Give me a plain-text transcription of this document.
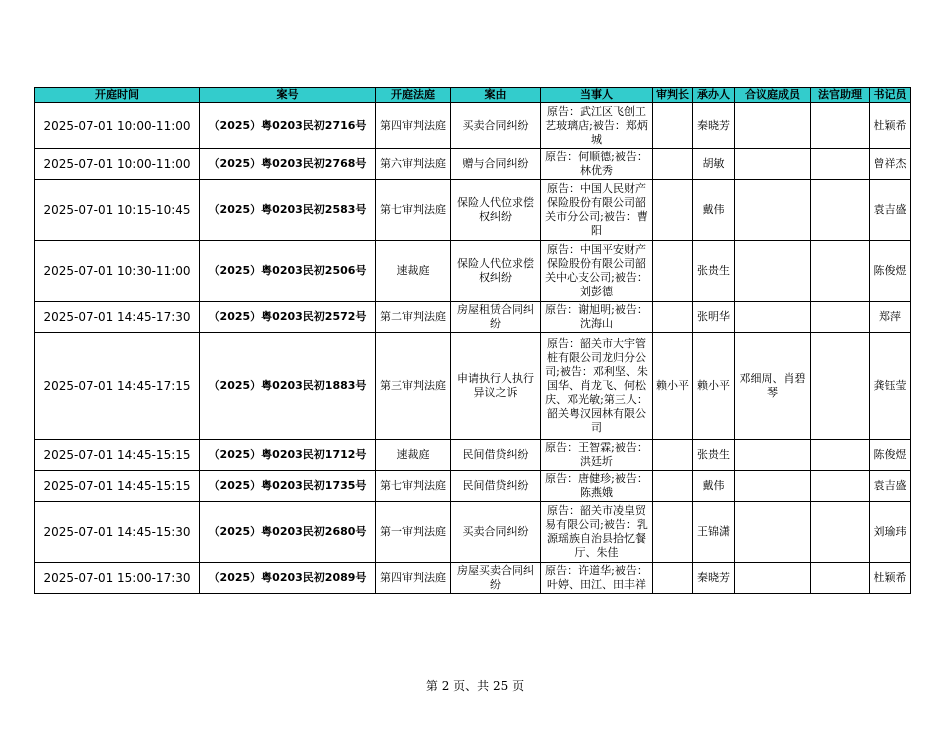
开庭时间	案号	开庭法庭	案由	当事人	审判长	承办人	合议庭成员	法官助理	书记员
2025-07-01 10:00-11:00	（2025）粤0203民初2716号	第四审判法庭	买卖合同纠纷	原告：武江区飞创工艺玻璃店;被告：郑炳城		秦晓芳			杜颖希
2025-07-01 10:00-11:00	（2025）粤0203民初2768号	第六审判法庭	赠与合同纠纷	原告：何顺德;被告：林优秀		胡敏			曾祥杰
2025-07-01 10:15-10:45	（2025）粤0203民初2583号	第七审判法庭	保险人代位求偿权纠纷	原告：中国人民财产保险股份有限公司韶关市分公司;被告：曹阳		戴伟			袁吉盛
2025-07-01 10:30-11:00	（2025）粤0203民初2506号	速裁庭	保险人代位求偿权纠纷	原告：中国平安财产保险股份有限公司韶关中心支公司;被告：刘彭德		张贵生			陈俊煜
2025-07-01 14:45-17:30	（2025）粤0203民初2572号	第二审判法庭	房屋租赁合同纠纷	原告：谢旭明;被告：沈海山		张明华			郑萍
2025-07-01 14:45-17:15	（2025）粤0203民初1883号	第三审判法庭	申请执行人执行异议之诉	原告：韶关市大宇管桩有限公司龙归分公司;被告：邓利坚、朱国华、肖龙飞、何松庆、邓光敏;第三人：韶关粤汉园林有限公司	赖小平	赖小平	邓细周、肖碧琴		龚钰莹
2025-07-01 14:45-15:15	（2025）粤0203民初1712号	速裁庭	民间借贷纠纷	原告：王智霖;被告：洪廷圻		张贵生			陈俊煜
2025-07-01 14:45-15:15	（2025）粤0203民初1735号	第七审判法庭	民间借贷纠纷	原告：唐健珍;被告：陈燕娥		戴伟			袁吉盛
2025-07-01 14:45-15:30	（2025）粤0203民初2680号	第一审判法庭	买卖合同纠纷	原告：韶关市凌皇贸易有限公司;被告：乳源瑶族自治县拾忆餐厅、朱佳		王锦潇			刘瑜玮
2025-07-01 15:00-17:30	（2025）粤0203民初2089号	第四审判法庭	房屋买卖合同纠纷	原告：许道华;被告：叶婷、田江、田丰祥		秦晓芳			杜颖希
第 2 页、共 25 页
